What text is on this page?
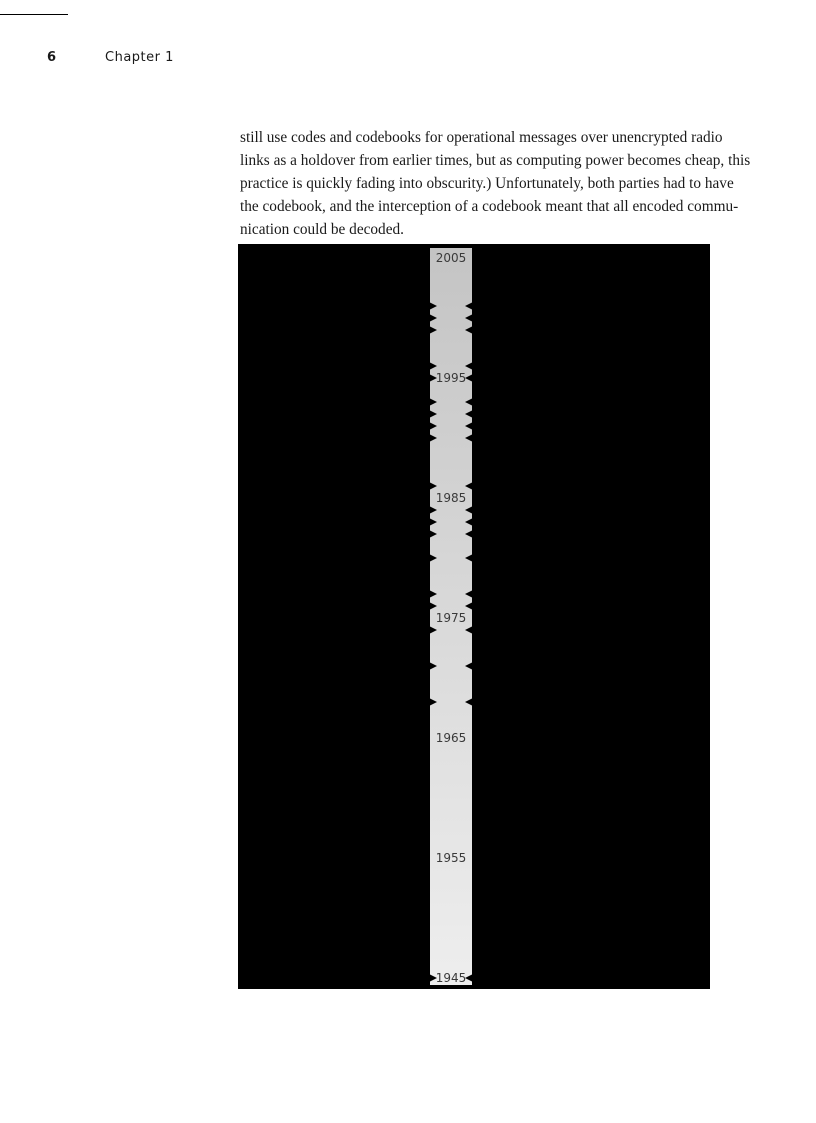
6	Chapter 1
still use codes and codebooks for operational messages over unencrypted radio
links as a holdover from earlier times, but as computing power becomes cheap, this
practice is quickly fading into obscurity.) Unfortunately, both parties had to have
the codebook, and the interception of a codebook meant that all encoded commu-
nication could be decoded.
2005
1995
1985
1975
1965
1955
1945
